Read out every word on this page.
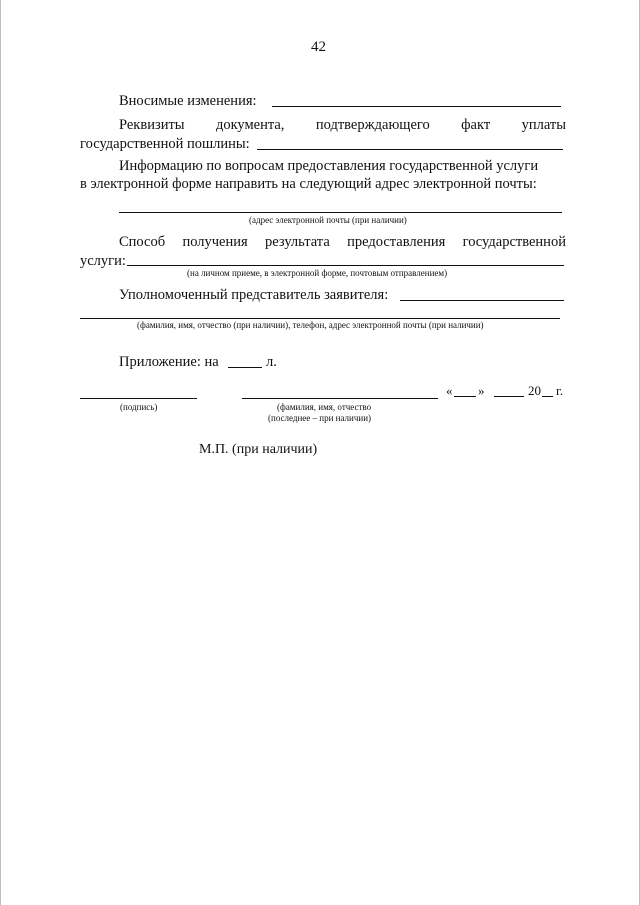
42
Вносимые изменения:
Реквизиты документа, подтверждающего факт уплаты
государственной пошлины:
Информацию по вопросам предоставления государственной услуги
в электронной форме направить на следующий адрес электронной почты:
(адрес электронной почты (при наличии)
Способ получения результата предоставления государственной
услуги:
(на личном приеме, в электронной форме, почтовым отправлением)
Уполномоченный представитель заявителя:
(фамилия, имя, отчество (при наличии), телефон, адрес электронной почты (при наличии)
Приложение: на	л.
« »	20 г.
(подпись)	(фамилия, имя, отчество
(последнее – при наличии)
М.П. (при наличии)
